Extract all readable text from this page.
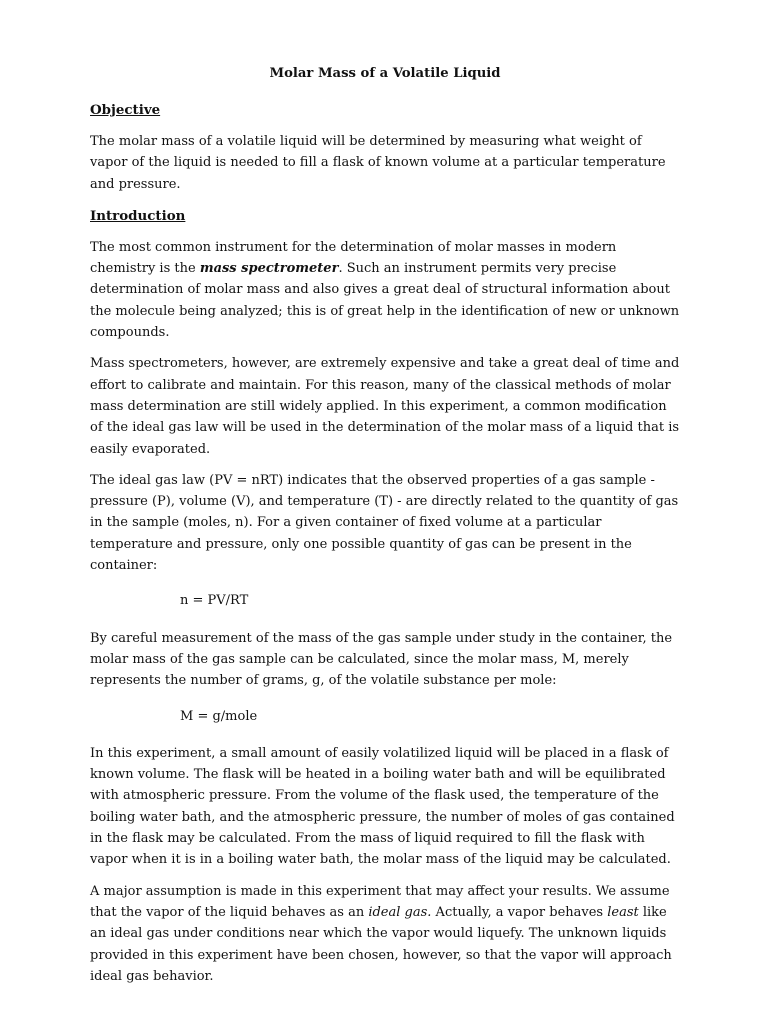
Molar Mass of a Volatile Liquid
Objective

The molar mass of a volatile liquid will be determined by measuring what weight of vapor of the liquid is needed to fill a flask of known volume at a particular temperature and pressure.

Introduction

The most common instrument for the determination of molar masses in modern chemistry is the mass spectrometer. Such an instrument permits very precise determination of molar mass and also gives a great deal of structural information about the molecule being analyzed; this is of great help in the identification of new or unknown compounds.

Mass spectrometers, however, are extremely expensive and take a great deal of time and effort to calibrate and maintain. For this reason, many of the classical methods of molar mass determination are still widely applied. In this experiment, a common modification of the ideal gas law will be used in the determination of the molar mass of a liquid that is easily evaporated.

The ideal gas law (PV = nRT) indicates that the observed properties of a gas sample - pressure (P), volume (V), and temperature (T) - are directly related to the quantity of gas in the sample (moles, n). For a given container of fixed volume at a particular temperature and pressure, only one possible quantity of gas can be present in the container:

n = PV/RT

By careful measurement of the mass of the gas sample under study in the container, the molar mass of the gas sample can be calculated, since the molar mass, M, merely represents the number of grams, g, of the volatile substance per mole:

M = g/mole

In this experiment, a small amount of easily volatilized liquid will be placed in a flask of known volume. The flask will be heated in a boiling water bath and will be equilibrated with atmospheric pressure. From the volume of the flask used, the temperature of the boiling water bath, and the atmospheric pressure, the number of moles of gas contained in the flask may be calculated. From the mass of liquid required to fill the flask with vapor when it is in a boiling water bath, the molar mass of the liquid may be calculated.

A major assumption is made in this experiment that may affect your results. We assume that the vapor of the liquid behaves as an ideal gas. Actually, a vapor behaves least like an ideal gas under conditions near which the vapor would liquefy. The unknown liquids provided in this experiment have been chosen, however, so that the vapor will approach ideal gas behavior.
